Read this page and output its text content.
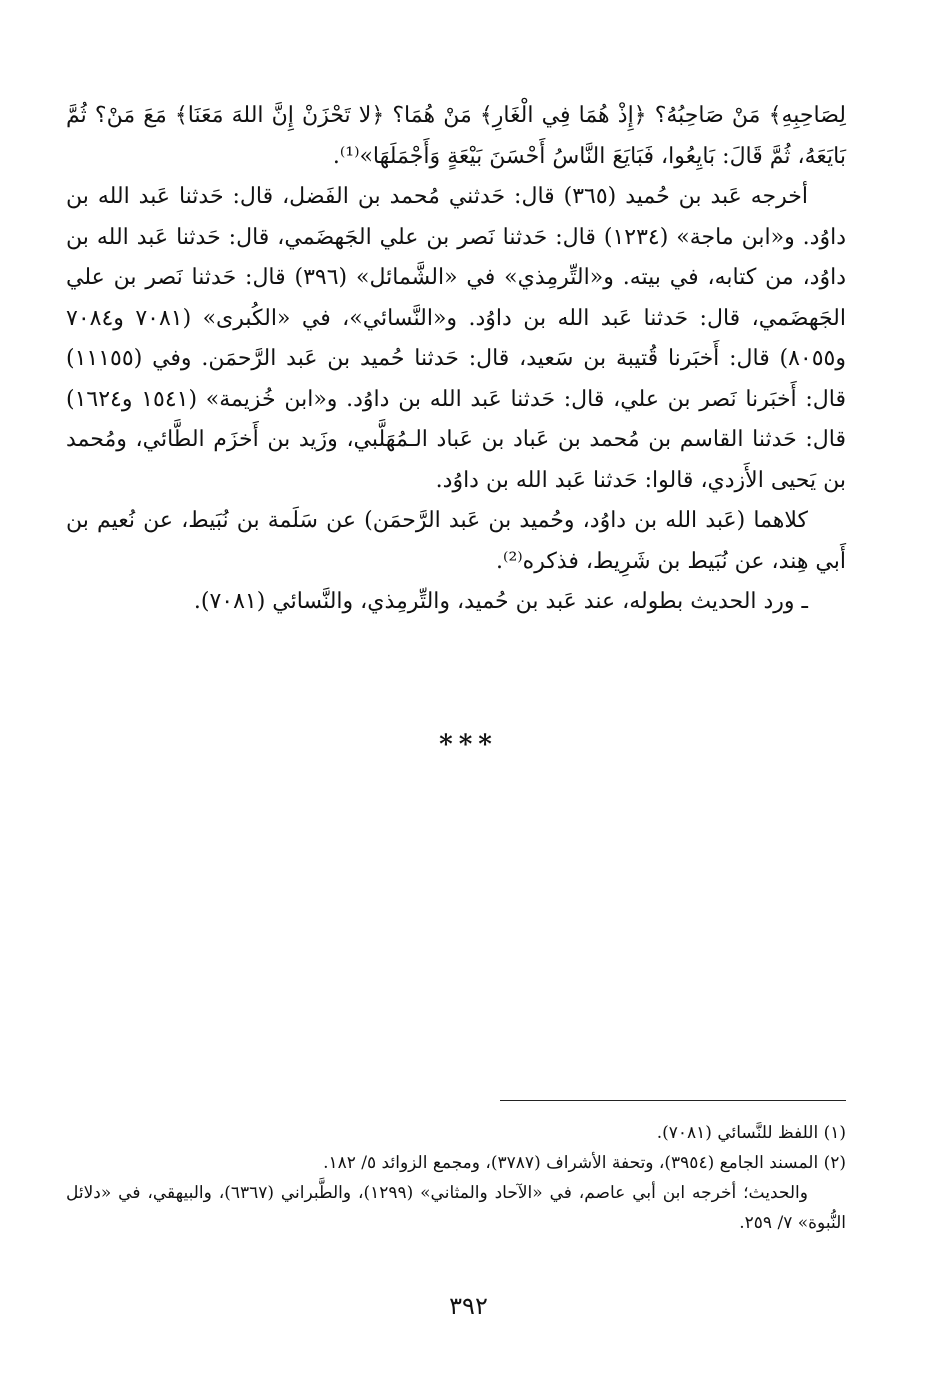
لِصَاحِبِهِ﴾ مَنْ صَاحِبُهُ؟ ﴿إِذْ هُمَا فِي الْغَارِ﴾ مَنْ هُمَا؟ ﴿لا تَحْزَنْ إِنَّ اللهَ مَعَنَا﴾ مَعَ مَنْ؟ ثُمَّ بَايَعَهُ، ثُمَّ قَالَ: بَايِعُوا، فَبَايَعَ النَّاسُ أَحْسَنَ بَيْعَةٍ وَأَجْمَلَهَا»⁽¹⁾.

أخرجه عَبد بن حُميد (٣٦٥) قال: حَدثني مُحمد بن الفَضل، قال: حَدثنا عَبد الله بن داوُد. و«ابن ماجة» (١٢٣٤) قال: حَدثنا نَصر بن علي الجَهضَمي، قال: حَدثنا عَبد الله بن داوُد، من كتابه، في بيته. و«التِّرمِذي» في «الشَّمائل» (٣٩٦) قال: حَدثنا نَصر بن علي الجَهضَمي، قال: حَدثنا عَبد الله بن داوُد. و«النَّسائي»، في «الكُبرى» (٧٠٨١ و٧٠٨٤ و٨٠٥٥) قال: أَخبَرنا قُتيبة بن سَعيد، قال: حَدثنا حُميد بن عَبد الرَّحمَن. وفي (١١١٥٥) قال: أَخبَرنا نَصر بن علي، قال: حَدثنا عَبد الله بن داوُد. و«ابن خُزيمة» (١٥٤١ و١٦٢٤) قال: حَدثنا القاسم بن مُحمد بن عَباد بن عَباد الـمُهَلَّبي، وزَيد بن أَخزَم الطَّائي، ومُحمد بن يَحيى الأَزدي، قالوا: حَدثنا عَبد الله بن داوُد.

كلاهما (عَبد الله بن داوُد، وحُميد بن عَبد الرَّحمَن) عن سَلَمة بن نُبَيط، عن نُعيم بن أَبي هِند، عن نُبَيط بن شَرِيط، فذكره⁽²⁾.

ـ ورد الحديث بطوله، عند عَبد بن حُميد، والتِّرمِذي، والنَّسائي (٧٠٨١).

***

(١) اللفظ للنَّسائي (٧٠٨١).

(٢) المسند الجامع (٣٩٥٤)، وتحفة الأشراف (٣٧٨٧)، ومجمع الزوائد ٥/ ١٨٢.

والحديث؛ أخرجه ابن أبي عاصم، في «الآحاد والمثاني» (١٢٩٩)، والطَّبراني (٦٣٦٧)، والبيهقي، في «دلائل النُّبوة» ٧/ ٢٥٩.

٣٩٢
